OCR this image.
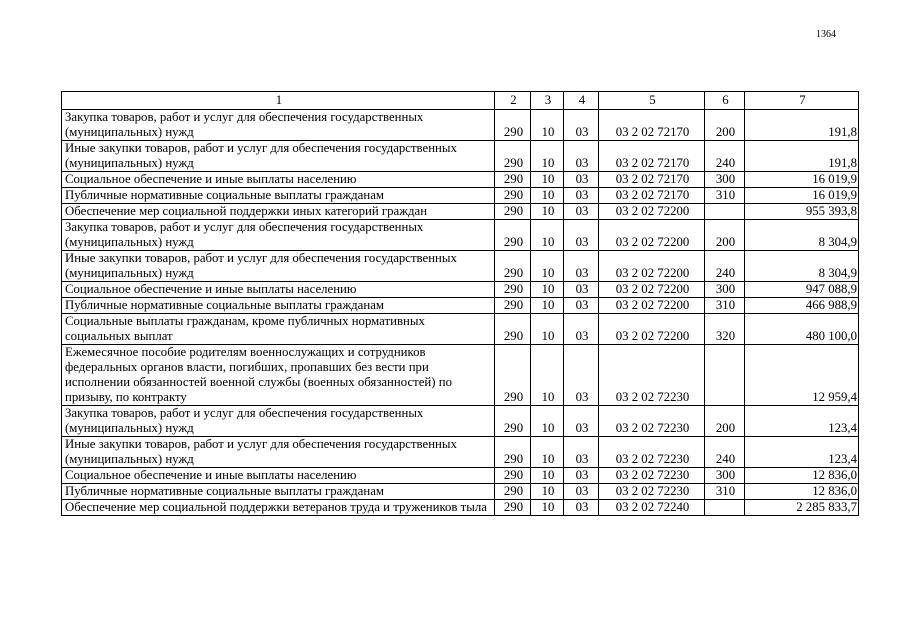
1364
1	2	3	4	5	6	7
Закупка товаров, работ и услуг для обеспечения государственных (муниципальных) нужд	290	10	03	03 2 02 72170	200	191,8
Иные закупки товаров, работ и услуг для обеспечения государственных (муниципальных) нужд	290	10	03	03 2 02 72170	240	191,8
Социальное обеспечение и иные выплаты населению	290	10	03	03 2 02 72170	300	16 019,9
Публичные нормативные социальные выплаты гражданам	290	10	03	03 2 02 72170	310	16 019,9
Обеспечение мер социальной поддержки иных категорий граждан	290	10	03	03 2 02 72200		955 393,8
Закупка товаров, работ и услуг для обеспечения государственных (муниципальных) нужд	290	10	03	03 2 02 72200	200	8 304,9
Иные закупки товаров, работ и услуг для обеспечения государственных (муниципальных) нужд	290	10	03	03 2 02 72200	240	8 304,9
Социальное обеспечение и иные выплаты населению	290	10	03	03 2 02 72200	300	947 088,9
Публичные нормативные социальные выплаты гражданам	290	10	03	03 2 02 72200	310	466 988,9
Социальные выплаты гражданам, кроме публичных нормативных социальных выплат	290	10	03	03 2 02 72200	320	480 100,0
Ежемесячное пособие родителям военнослужащих и сотрудников федеральных органов власти, погибших, пропавших без вести при исполнении обязанностей военной службы (военных обязанностей) по призыву, по контракту	290	10	03	03 2 02 72230		12 959,4
Закупка товаров, работ и услуг для обеспечения государственных (муниципальных) нужд	290	10	03	03 2 02 72230	200	123,4
Иные закупки товаров, работ и услуг для обеспечения государственных (муниципальных) нужд	290	10	03	03 2 02 72230	240	123,4
Социальное обеспечение и иные выплаты населению	290	10	03	03 2 02 72230	300	12 836,0
Публичные нормативные социальные выплаты гражданам	290	10	03	03 2 02 72230	310	12 836,0
Обеспечение мер социальной поддержки ветеранов труда и тружеников тыла	290	10	03	03 2 02 72240		2 285 833,7
